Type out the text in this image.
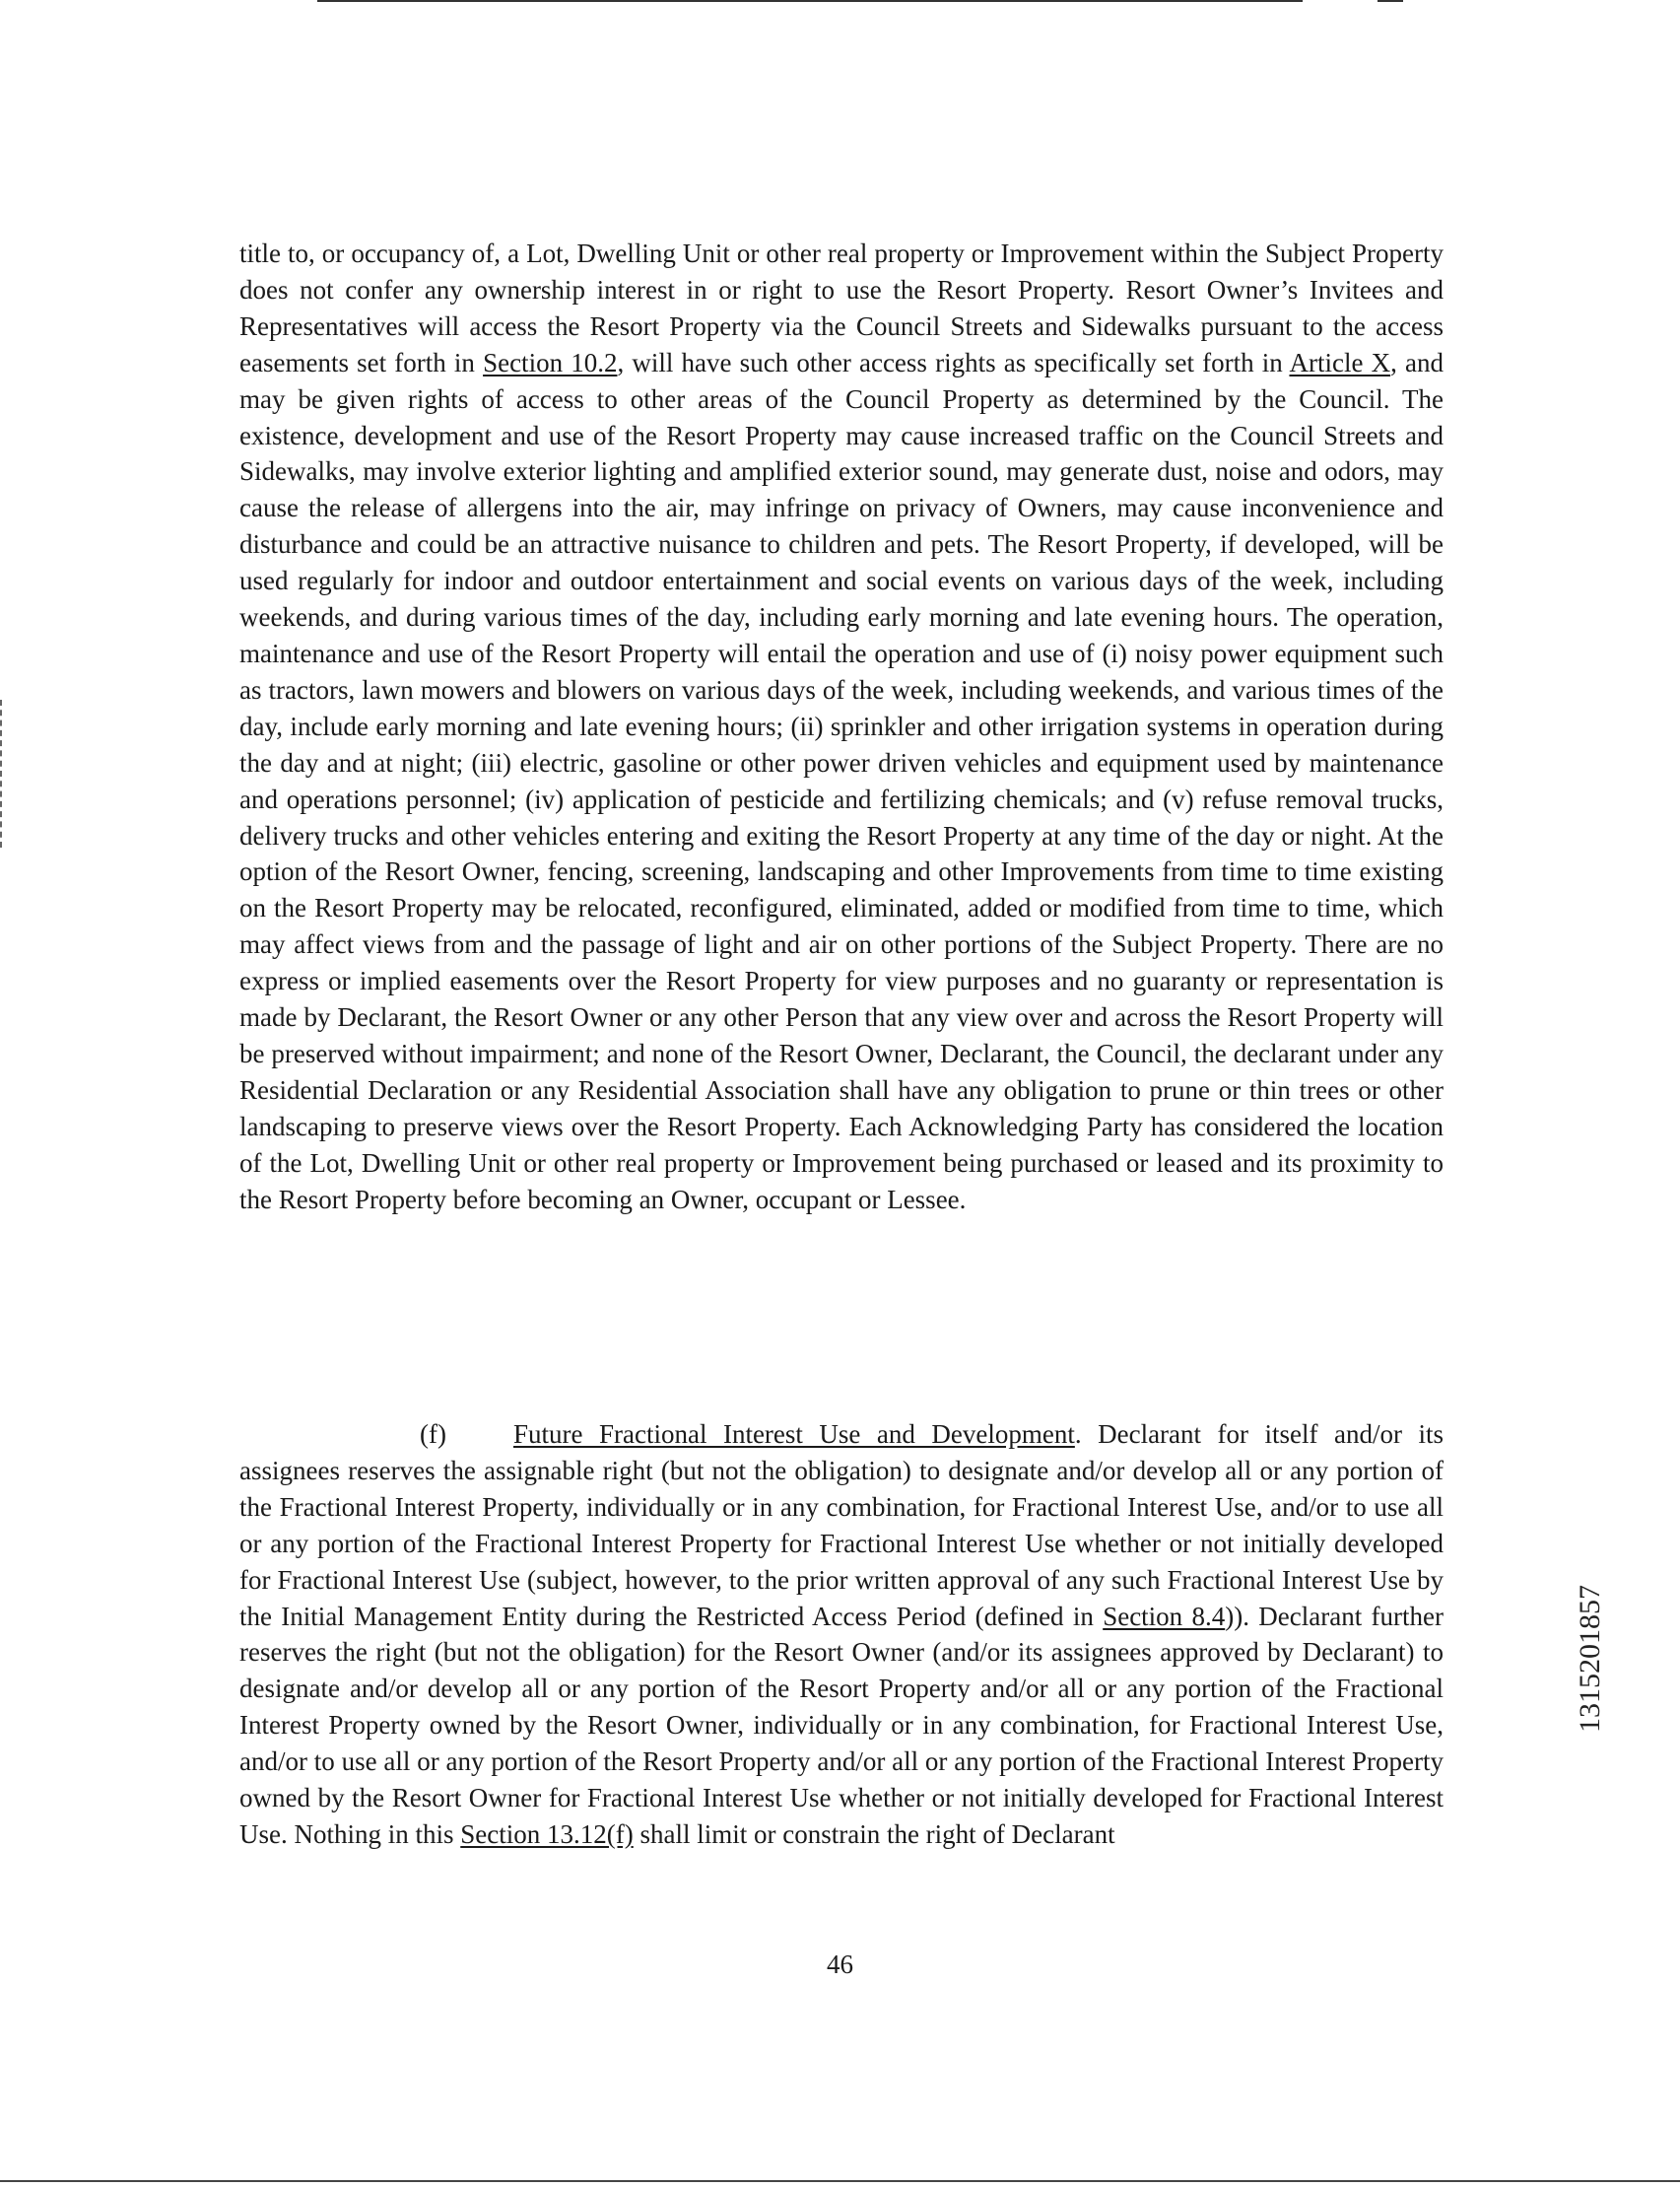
title to, or occupancy of, a Lot, Dwelling Unit or other real property or Improvement within the Subject Property does not confer any ownership interest in or right to use the Resort Property. Resort Owner’s Invitees and Representatives will access the Resort Property via the Council Streets and Sidewalks pursuant to the access easements set forth in Section 10.2, will have such other access rights as specifically set forth in Article X, and may be given rights of access to other areas of the Council Property as determined by the Council. The existence, development and use of the Resort Property may cause increased traffic on the Council Streets and Sidewalks, may involve exterior lighting and amplified exterior sound, may generate dust, noise and odors, may cause the release of allergens into the air, may infringe on privacy of Owners, may cause inconvenience and disturbance and could be an attractive nuisance to children and pets. The Resort Property, if developed, will be used regularly for indoor and outdoor entertainment and social events on various days of the week, including weekends, and during various times of the day, including early morning and late evening hours. The operation, maintenance and use of the Resort Property will entail the operation and use of (i) noisy power equipment such as tractors, lawn mowers and blowers on various days of the week, including weekends, and various times of the day, include early morning and late evening hours; (ii) sprinkler and other irrigation systems in operation during the day and at night; (iii) electric, gasoline or other power driven vehicles and equipment used by maintenance and operations personnel; (iv) application of pesticide and fertilizing chemicals; and (v) refuse removal trucks, delivery trucks and other vehicles entering and exiting the Resort Property at any time of the day or night. At the option of the Resort Owner, fencing, screening, landscaping and other Improvements from time to time existing on the Resort Property may be relocated, reconfigured, eliminated, added or modified from time to time, which may affect views from and the passage of light and air on other portions of the Subject Property. There are no express or implied easements over the Resort Property for view purposes and no guaranty or representation is made by Declarant, the Resort Owner or any other Person that any view over and across the Resort Property will be preserved without impairment; and none of the Resort Owner, Declarant, the Council, the declarant under any Residential Declaration or any Residential Association shall have any obligation to prune or thin trees or other landscaping to preserve views over the Resort Property. Each Acknowledging Party has considered the location of the Lot, Dwelling Unit or other real property or Improvement being purchased or leased and its proximity to the Resort Property before becoming an Owner, occupant or Lessee.

(f)	Future Fractional Interest Use and Development. Declarant for itself and/or its assignees reserves the assignable right (but not the obligation) to designate and/or develop all or any portion of the Fractional Interest Property, individually or in any combination, for Fractional Interest Use, and/or to use all or any portion of the Fractional Interest Property for Fractional Interest Use whether or not initially developed for Fractional Interest Use (subject, however, to the prior written approval of any such Fractional Interest Use by the Initial Management Entity during the Restricted Access Period (defined in Section 8.4)). Declarant further reserves the right (but not the obligation) for the Resort Owner (and/or its assignees approved by Declarant) to designate and/or develop all or any portion of the Resort Property and/or all or any portion of the Fractional Interest Property owned by the Resort Owner, individually or in any combination, for Fractional Interest Use, and/or to use all or any portion of the Resort Property and/or all or any portion of the Fractional Interest Property owned by the Resort Owner for Fractional Interest Use whether or not initially developed for Fractional Interest Use. Nothing in this Section 13.12(f) shall limit or constrain the right of Declarant

46
1315201857
